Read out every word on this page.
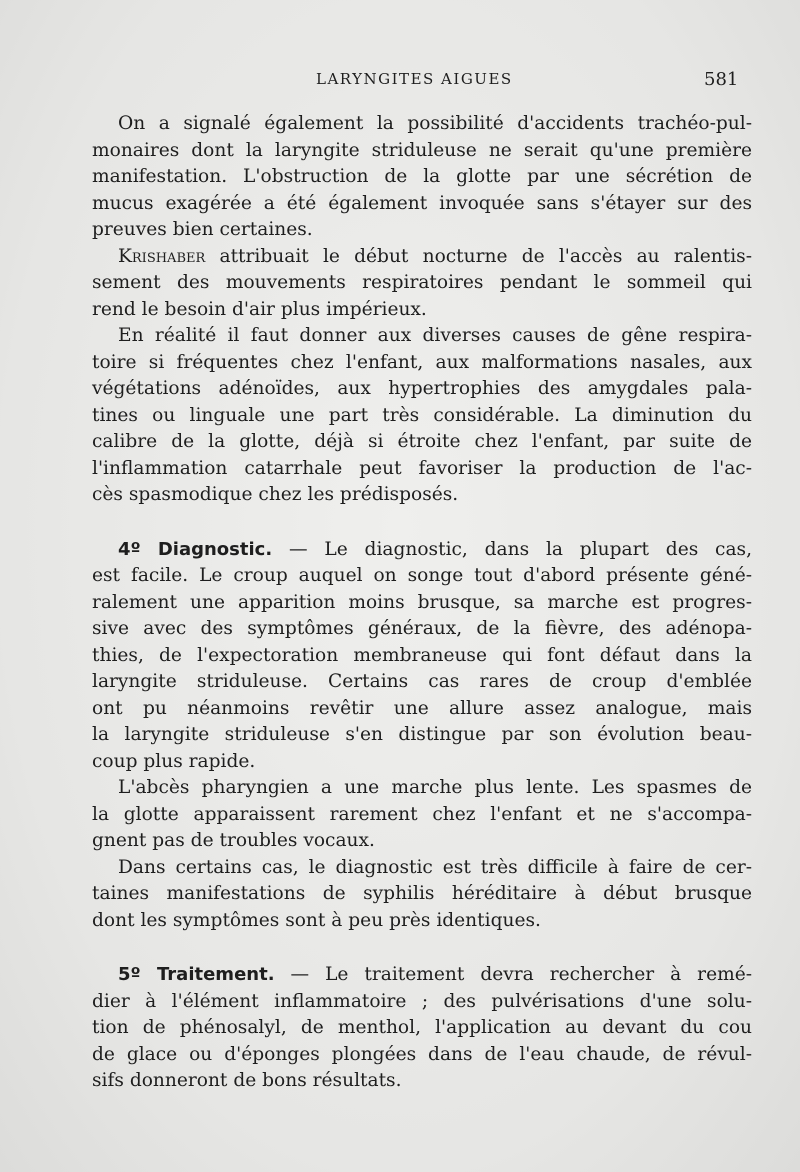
LARYNGITES AIGUES	581
On a signalé également la possibilité d'accidents trachéo-pul-
monaires dont la laryngite striduleuse ne serait qu'une première
manifestation. L'obstruction de la glotte par une sécrétion de
mucus exagérée a été également invoquée sans s'étayer sur des
preuves bien certaines.
Krishaber attribuait le début nocturne de l'accès au ralentis-
sement des mouvements respiratoires pendant le sommeil qui
rend le besoin d'air plus impérieux.
En réalité il faut donner aux diverses causes de gêne respira-
toire si fréquentes chez l'enfant, aux malformations nasales, aux
végétations adénoïdes, aux hypertrophies des amygdales pala-
tines ou linguale une part très considérable. La diminution du
calibre de la glotte, déjà si étroite chez l'enfant, par suite de
l'inflammation catarrhale peut favoriser la production de l'ac-
cès spasmodique chez les prédisposés.
4º Diagnostic. — Le diagnostic, dans la plupart des cas,
est facile. Le croup auquel on songe tout d'abord présente géné-
ralement une apparition moins brusque, sa marche est progres-
sive avec des symptômes généraux, de la fièvre, des adénopa-
thies, de l'expectoration membraneuse qui font défaut dans la
laryngite striduleuse. Certains cas rares de croup d'emblée
ont pu néanmoins revêtir une allure assez analogue, mais
la laryngite striduleuse s'en distingue par son évolution beau-
coup plus rapide.
L'abcès pharyngien a une marche plus lente. Les spasmes de
la glotte apparaissent rarement chez l'enfant et ne s'accompa-
gnent pas de troubles vocaux.
Dans certains cas, le diagnostic est très difficile à faire de cer-
taines manifestations de syphilis héréditaire à début brusque
dont les symptômes sont à peu près identiques.
5º Traitement. — Le traitement devra rechercher à remé-
dier à l'élément inflammatoire ; des pulvérisations d'une solu-
tion de phénosalyl, de menthol, l'application au devant du cou
de glace ou d'éponges plongées dans de l'eau chaude, de révul-
sifs donneront de bons résultats.
